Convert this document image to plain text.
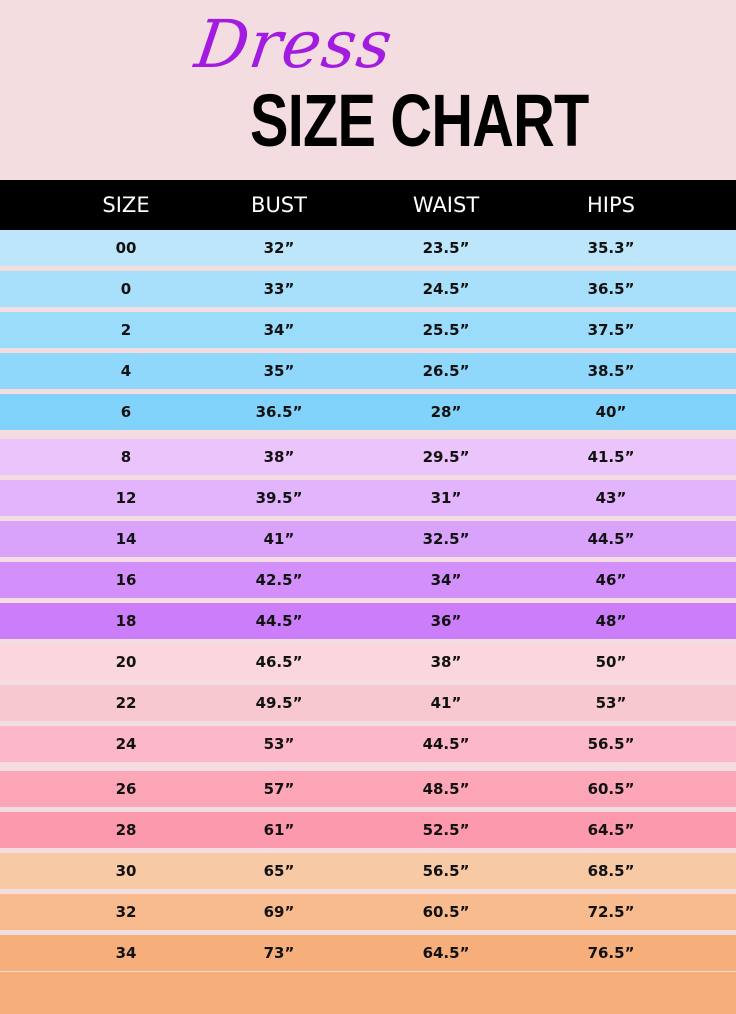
Dress
SIZE CHART
SIZE	BUST	WAIST	HIPS
00	32”	23.5”	35.3”
0	33”	24.5”	36.5”
2	34”	25.5”	37.5”
4	35”	26.5”	38.5”
6	36.5”	28”	40”
8	38”	29.5”	41.5”
12	39.5”	31”	43”
14	41”	32.5”	44.5”
16	42.5”	34”	46”
18	44.5”	36”	48”
20	46.5”	38”	50”
22	49.5”	41”	53”
24	53”	44.5”	56.5”
26	57”	48.5”	60.5”
28	61”	52.5”	64.5”
30	65”	56.5”	68.5”
32	69”	60.5”	72.5”
34	73”	64.5”	76.5”
